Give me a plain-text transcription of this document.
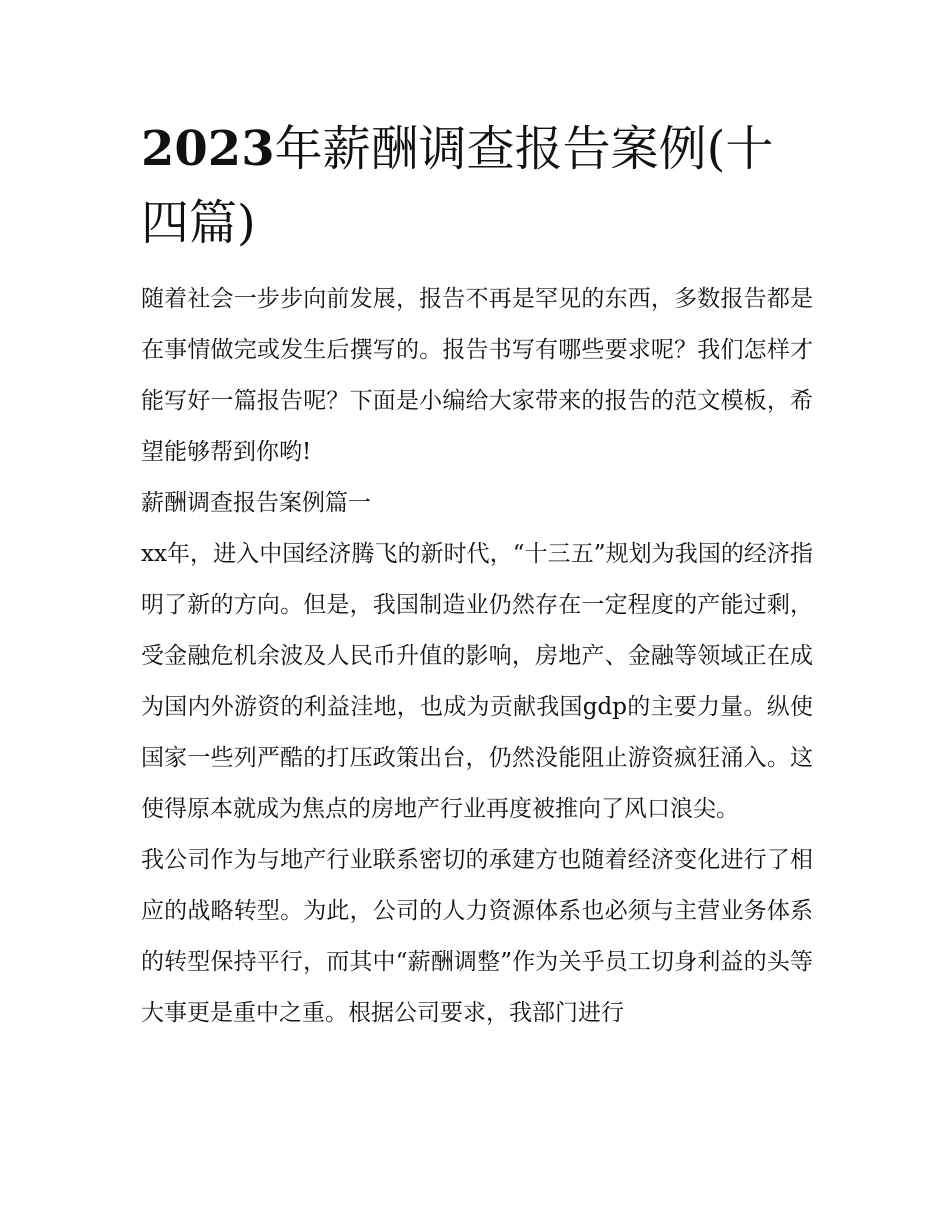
2023年薪酬调查报告案例(十四篇)

随着社会一步步向前发展，报告不再是罕见的东西，多数报告都是在事情做完或发生后撰写的。报告书写有哪些要求呢？我们怎样才能写好一篇报告呢？下面是小编给大家带来的报告的范文模板，希望能够帮到你哟!

薪酬调查报告案例篇一

xx年，进入中国经济腾飞的新时代，“十三五”规划为我国的经济指明了新的方向。但是，我国制造业仍然存在一定程度的产能过剩，受金融危机余波及人民币升值的影响，房地产、金融等领域正在成为国内外游资的利益洼地，也成为贡献我国gdp的主要力量。纵使国家一些列严酷的打压政策出台，仍然没能阻止游资疯狂涌入。这使得原本就成为焦点的房地产行业再度被推向了风口浪尖。

我公司作为与地产行业联系密切的承建方也随着经济变化进行了相应的战略转型。为此，公司的人力资源体系也必须与主营业务体系的转型保持平行，而其中“薪酬调整”作为关乎员工切身利益的头等大事更是重中之重。根据公司要求，我部门进行
